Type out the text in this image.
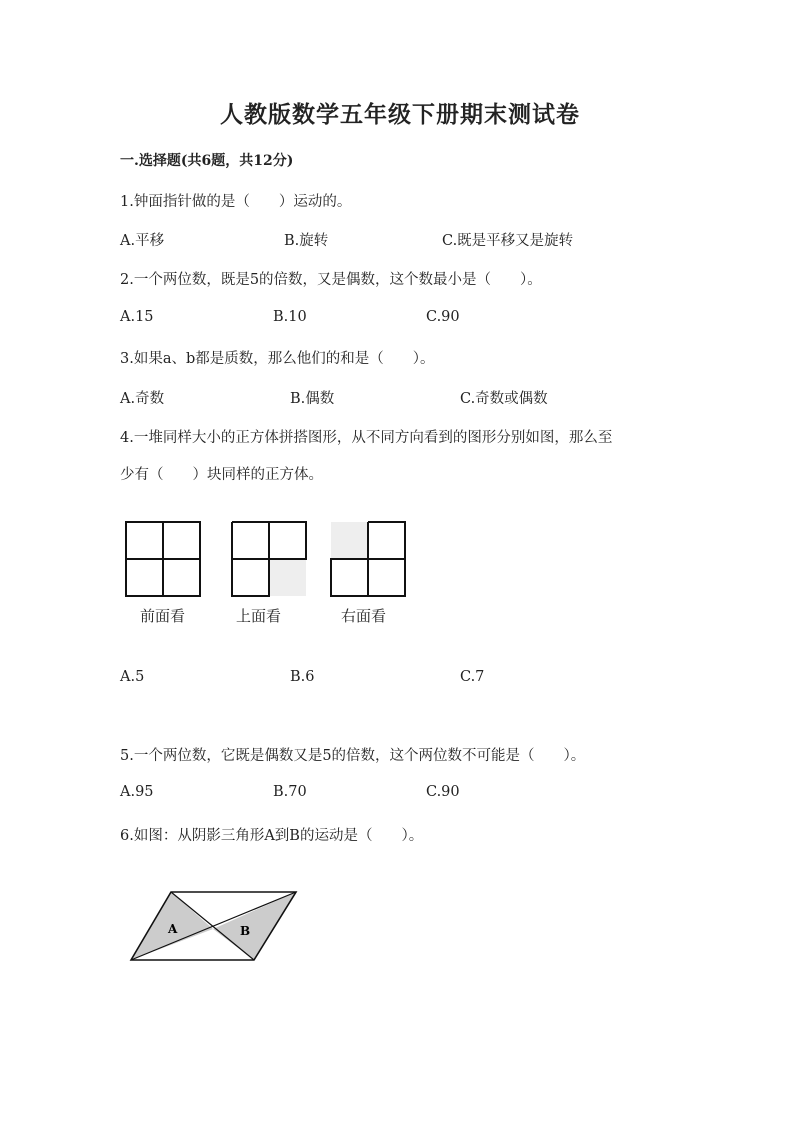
人教版数学五年级下册期末测试卷
一.选择题(共6题，共12分)
1.钟面指针做的是（　　）运动的。
A.平移	B.旋转	C.既是平移又是旋转
2.一个两位数，既是5的倍数，又是偶数，这个数最小是（　　）。
A.15	B.10	C.90
3.如果a、b都是质数，那么他们的和是（　　）。
A.奇数	B.偶数	C.奇数或偶数
4.一堆同样大小的正方体拼搭图形，从不同方向看到的图形分别如图，那么至
少有（　　）块同样的正方体。
前面看	上面看	右面看
A.5	B.6	C.7
5.一个两位数，它既是偶数又是5的倍数，这个两位数不可能是（　　）。
A.95	B.70	C.90
6.如图：从阴影三角形A到B的运动是（　　）。
A	B
